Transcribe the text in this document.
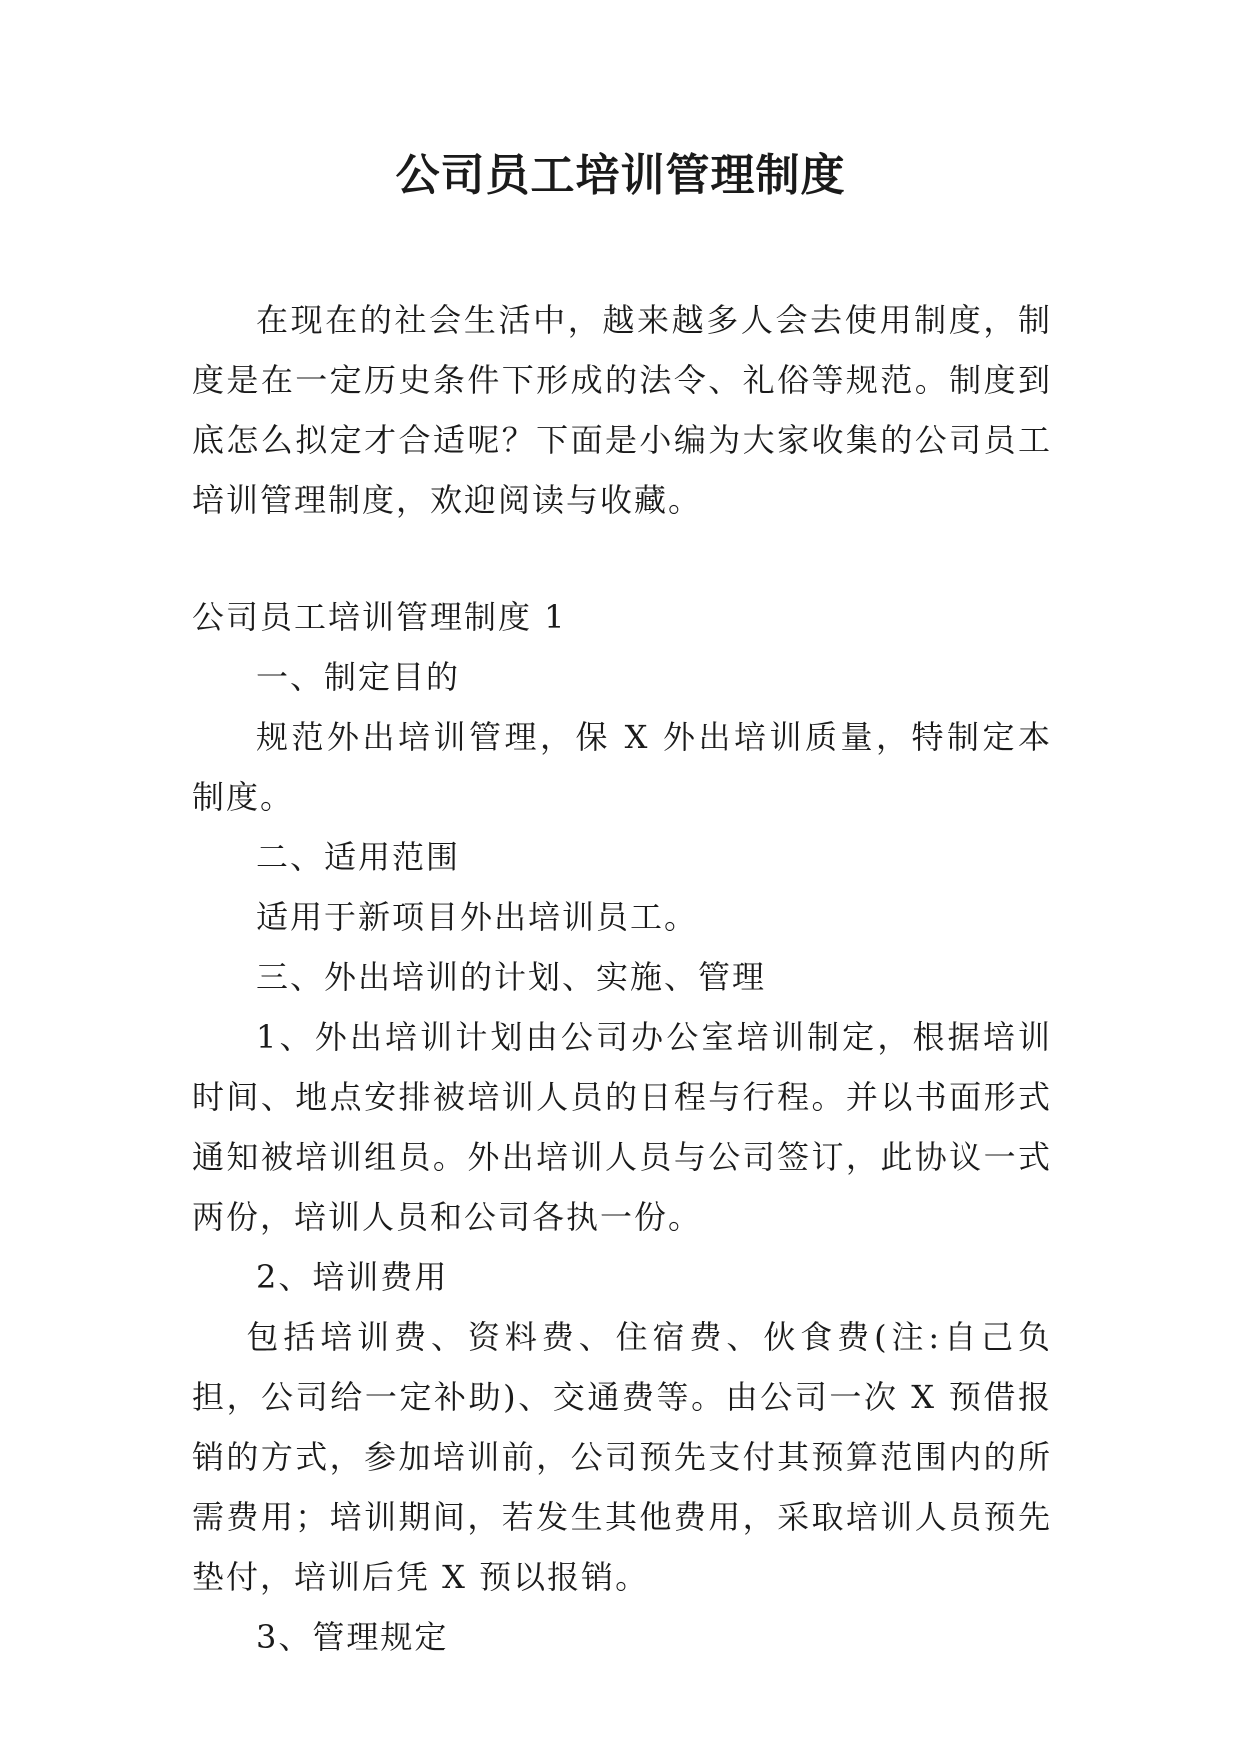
公司员工培训管理制度

在现在的社会生活中，越来越多人会去使用制度，制度是在一定历史条件下形成的法令、礼俗等规范。制度到底怎么拟定才合适呢？下面是小编为大家收集的公司员工培训管理制度，欢迎阅读与收藏。

公司员工培训管理制度 1

一、制定目的

规范外出培训管理，保 X 外出培训质量，特制定本制度。

二、适用范围

适用于新项目外出培训员工。

三、外出培训的计划、实施、管理

1、外出培训计划由公司办公室培训制定，根据培训时间、地点安排被培训人员的日程与行程。并以书面形式通知被培训组员。外出培训人员与公司签订，此协议一式两份，培训人员和公司各执一份。

2、培训费用

包括培训费、资料费、住宿费、伙食费(注:自己负担，公司给一定补助)、交通费等。由公司一次 X 预借报销的方式，参加培训前，公司预先支付其预算范围内的所需费用；培训期间，若发生其他费用，采取培训人员预先垫付，培训后凭 X 预以报销。

3、管理规定
